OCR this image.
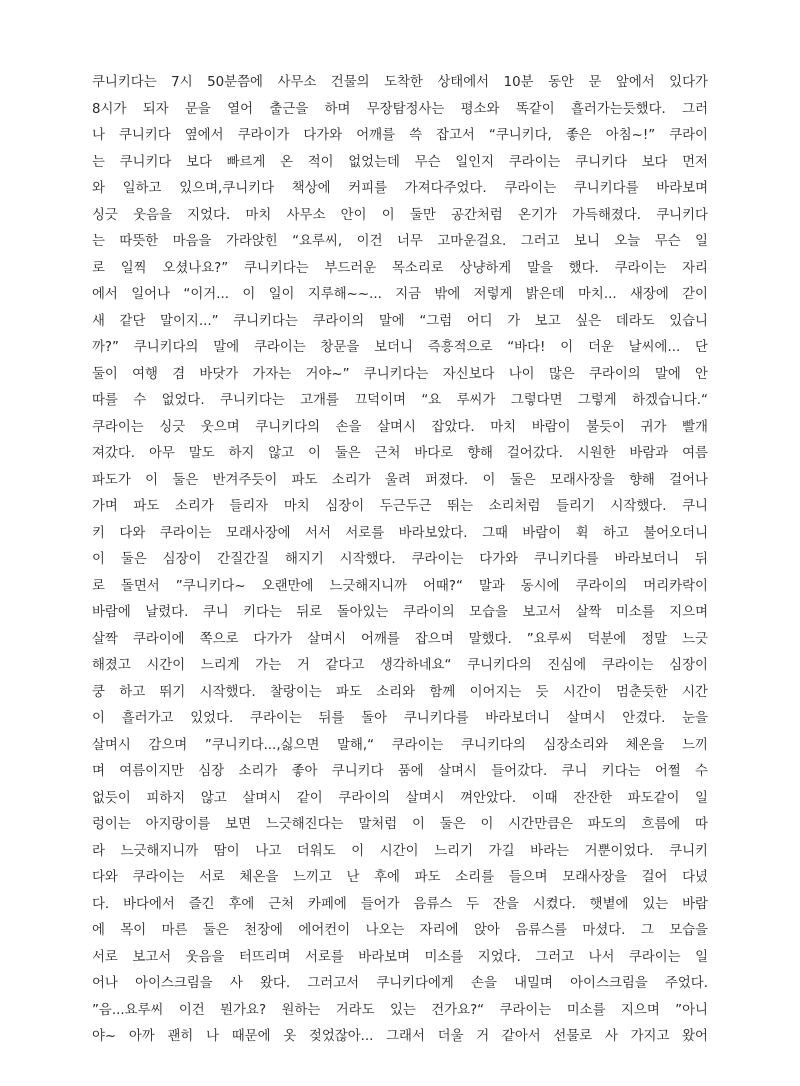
쿠니키다는 7시 50분쯤에 사무소 건물의 도착한 상태에서 10분 동안 문 앞에서 있다가
8시가 되자 문을 열어 출근을 하며 무장탐정사는 평소와 똑같이 흘러가는듯했다. 그러
나 쿠니키다 옆에서 쿠라이가 다가와 어깨를 쓱 잡고서 “쿠니키다, 좋은 아침~!” 쿠라이
는 쿠니키다 보다 빠르게 온 적이 없었는데 무슨 일인지 쿠라이는 쿠니키다 보다 먼저
와 일하고 있으며,쿠니키다 책상에 커피를 가져다주었다. 쿠라이는 쿠니키다를 바라보며
싱긋 웃음을 지었다. 마치 사무소 안이 이 둘만 공간처럼 온기가 가득해졌다. 쿠니키다
는 따뜻한 마음을 가라앉힌 “요루씨, 이건 너무 고마운걸요. 그러고 보니 오늘 무슨 일
로 일찍 오셨나요?” 쿠니키다는 부드러운 목소리로 상냥하게 말을 했다. 쿠라이는 자리
에서 일어나 “이거... 이 일이 지루해~~... 지금 밖에 저렇게 밝은데 마치... 새장에 갇이
새 같단 말이지...” 쿠니키다는 쿠라이의 말에 “그럼 어디 가 보고 싶은 데라도 있습니
까?” 쿠니키다의 말에 쿠라이는 창문을 보더니 즉흥적으로 “바다! 이 더운 날씨에... 단
둘이 여행 겸 바닷가 가자는 거야~” 쿠니키다는 자신보다 나이 많은 쿠라이의 말에 안
따를 수 없었다. 쿠니키다는 고개를 끄덕이며 “요 루씨가 그렇다면 그렇게 하겠습니다.“
쿠라이는 싱긋 웃으며 쿠니키다의 손을 살며시 잡았다. 마치 바람이 불듯이 귀가 빨개
져갔다. 아무 말도 하지 않고 이 둘은 근처 바다로 향해 걸어갔다. 시원한 바람과 여름
파도가 이 둘은 반겨주듯이 파도 소리가 울려 퍼졌다. 이 둘은 모래사장을 향해 걸어나
가며 파도 소리가 들리자 마치 심장이 두근두근 뛰는 소리처럼 들리기 시작했다. 쿠니
키 다와 쿠라이는 모래사장에 서서 서로를 바라보았다. 그때 바람이 휙 하고 불어오더니
이 둘은 심장이 간질간질 해지기 시작했다. 쿠라이는 다가와 쿠니키다를 바라보더니 뒤
로 돌면서 ”쿠니키다~ 오랜만에 느긋해지니까 어때?“ 말과 동시에 쿠라이의 머리카락이
바람에 날렸다. 쿠니 키다는 뒤로 돌아있는 쿠라이의 모습을 보고서 살짝 미소를 지으며
살짝 쿠라이에 쪽으로 다가가 살며시 어깨를 잡으며 말했다. ”요루씨 덕분에 정말 느긋
해졌고 시간이 느리게 가는 거 같다고 생각하네요“ 쿠니키다의 진심에 쿠라이는 심장이
쿵 하고 뛰기 시작했다. 찰랑이는 파도 소리와 함께 이어지는 듯 시간이 멈춘듯한 시간
이 흘러가고 있었다. 쿠라이는 뒤를 돌아 쿠니키다를 바라보더니 살며시 안겼다. 눈을
살며시 감으며 ”쿠니키다...,싫으면 말해,“ 쿠라이는 쿠니키다의 심장소리와 체온을 느끼
며 여름이지만 심장 소리가 좋아 쿠니키다 품에 살며시 들어갔다. 쿠니 키다는 어쩔 수
없듯이 피하지 않고 살며시 같이 쿠라이의 살며시 껴안았다. 이때 잔잔한 파도같이 일
렁이는 아지랑이를 보면 느긋해진다는 말처럼 이 둘은 이 시간만큼은 파도의 흐름에 따
라 느긋해지니까 땀이 나고 더워도 이 시간이 느리기 가길 바라는 거뿐이었다. 쿠니키
다와 쿠라이는 서로 체온을 느끼고 난 후에 파도 소리를 들으며 모래사장을 걸어 다녔
다. 바다에서 즐긴 후에 근처 카페에 들어가 음류스 두 잔을 시켰다. 햇볕에 있는 바람
에 목이 마른 둘은 천장에 에어컨이 나오는 자리에 앉아 음류스를 마셨다. 그 모습을
서로 보고서 웃음을 터뜨리며 서로를 바라보며 미소를 지었다. 그러고 나서 쿠라이는 일
어나 아이스크림을 사 왔다. 그러고서 쿠니키다에게 손을 내밀며 아이스크림을 주었다.
”음...요루씨 이건 뭔가요? 원하는 거라도 있는 건가요?“ 쿠라이는 미소를 지으며 ”아니
야~ 아까 괜히 나 때문에 옷 젖었잖아... 그래서 더울 거 같아서 선물로 사 가지고 왔어
